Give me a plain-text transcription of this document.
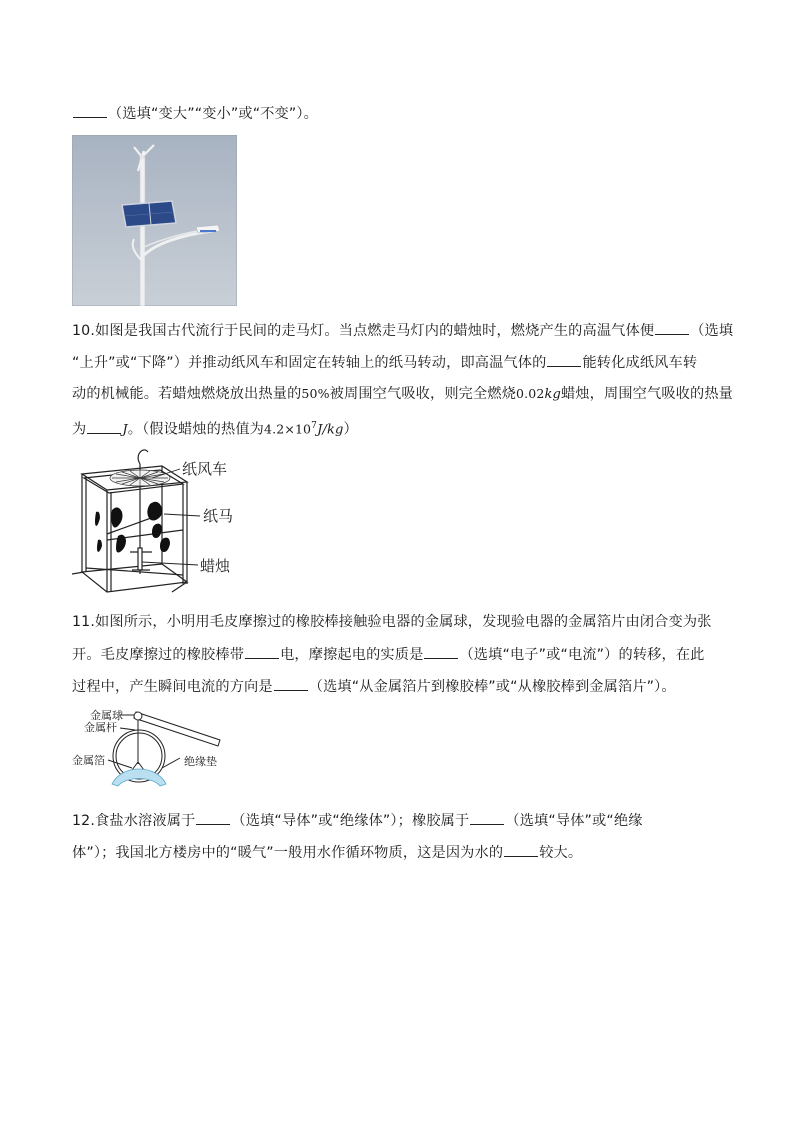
（选填“变大”“变小”或“不变”）。
10.如图是我国古代流行于民间的走马灯。当点燃走马灯内的蜡烛时，燃烧产生的高温气体便	（选填
“上升”或“下降”）并推动纸风车和固定在转轴上的纸马转动，即高温气体的	能转化成纸风车转
动的机械能。若蜡烛燃烧放出热量的50%被周围空气吸收，则完全燃烧0.02kg蜡烛，周围空气吸收的热量
为	J。（假设蜡烛的热值为$4.2\times 10^7J/kg$）
纸风车
纸马
蜡烛
11.如图所示，小明用毛皮摩擦过的橡胶棒接触验电器的金属球，发现验电器的金属箔片由闭合变为张
开。毛皮摩擦过的橡胶棒带	电，摩擦起电的实质是	（选填“电子”或“电流”）的转移，在此
过程中，产生瞬间电流的方向是	（选填“从金属箔片到橡胶棒”或“从橡胶棒到金属箔片”）。
金属球
金属杆
金属箔	绝缘垫
12.食盐水溶液属于	（选填“导体”或“绝缘体”）；橡胶属于	（选填“导体”或“绝缘
体”）；我国北方楼房中的“暖气”一般用水作循环物质，这是因为水的	较大。
